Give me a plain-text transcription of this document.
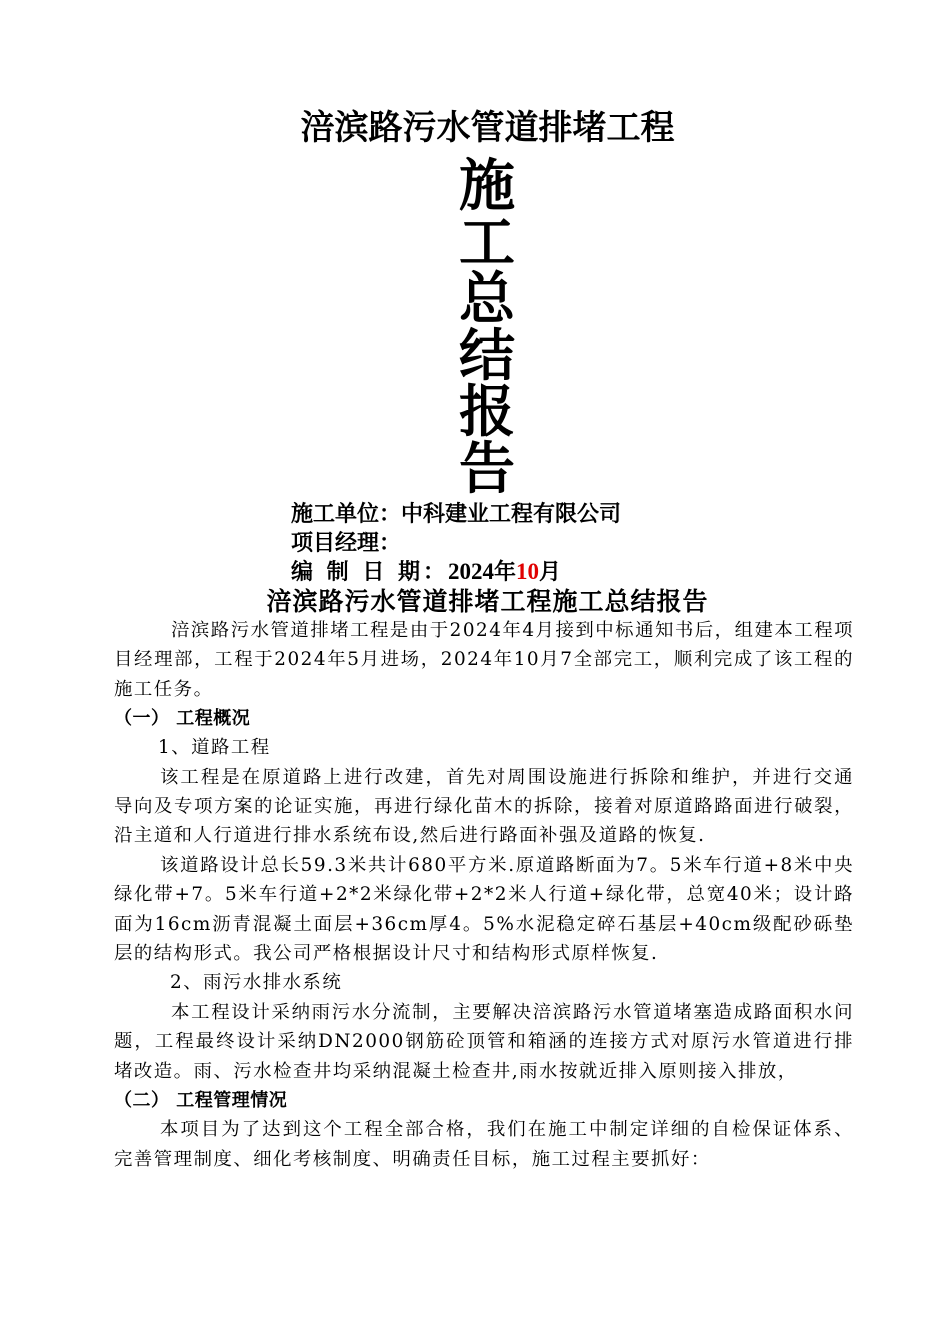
涪滨路污水管道排堵工程
施
工
总
结
报
告
施工单位：中科建业工程有限公司
项目经理：
编 制 日 期：2024年10月
涪滨路污水管道排堵工程施工总结报告

涪滨路污水管道排堵工程是由于2024年4月接到中标通知书后，组建本工程项目经理部，工程于2024年5月进场，2024年10月7全部完工，顺利完成了该工程的施工任务。

（一） 工程概况

1、道路工程

该工程是在原道路上进行改建，首先对周围设施进行拆除和维护，并进行交通导向及专项方案的论证实施，再进行绿化苗木的拆除，接着对原道路路面进行破裂，沿主道和人行道进行排水系统布设,然后进行路面补强及道路的恢复.

该道路设计总长59.3米共计680平方米.原道路断面为7。5米车行道+8米中央绿化带+7。5米车行道+2*2米绿化带+2*2米人行道+绿化带，总宽40米；设计路面为16cm沥青混凝土面层+36cm厚4。5%水泥稳定碎石基层+40cm级配砂砾垫层的结构形式。我公司严格根据设计尺寸和结构形式原样恢复.

2、雨污水排水系统

本工程设计采纳雨污水分流制，主要解决涪滨路污水管道堵塞造成路面积水问题，工程最终设计采纳DN2000钢筋砼顶管和箱涵的连接方式对原污水管道进行排堵改造。雨、污水检查井均采纳混凝土检查井,雨水按就近排入原则接入排放，

（二） 工程管理情况

本项目为了达到这个工程全部合格，我们在施工中制定详细的自检保证体系、完善管理制度、细化考核制度、明确责任目标，施工过程主要抓好：
